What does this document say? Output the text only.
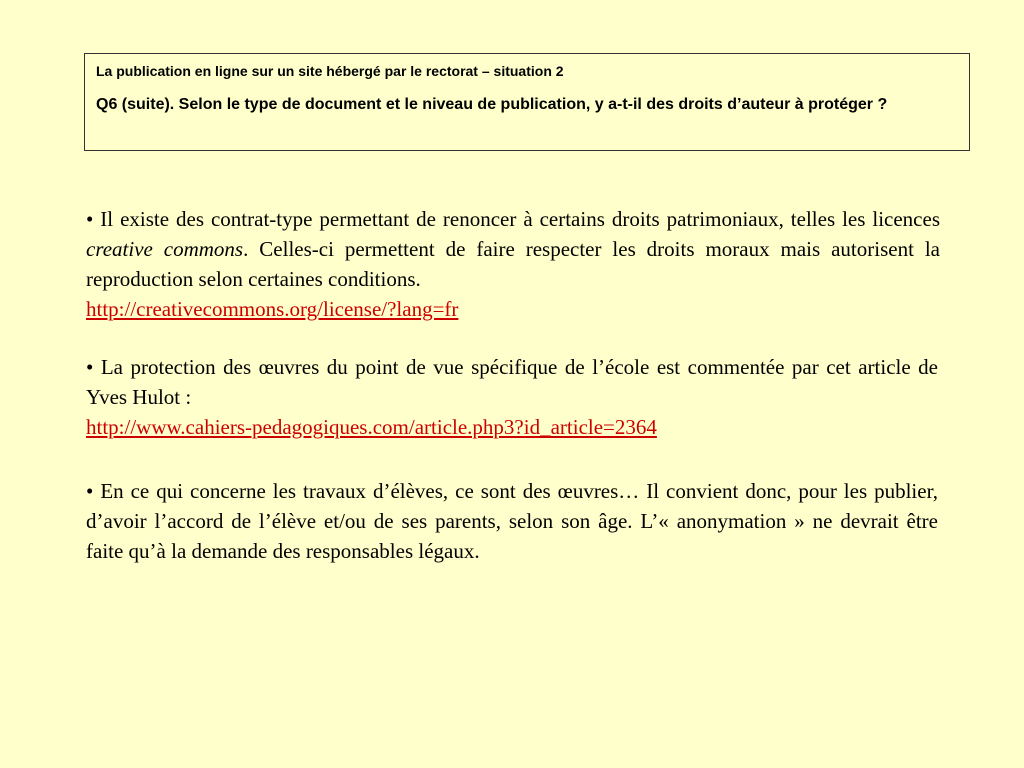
La publication en ligne sur un site hébergé par le rectorat – situation 2

Q6 (suite). Selon le type de document et le niveau de publication, y a-t-il des droits d’auteur à protéger ?

• Il existe des contrat-type permettant de renoncer à certains droits patrimoniaux, telles les licences creative commons. Celles-ci permettent de faire respecter les droits moraux mais autorisent la reproduction selon certaines conditions.
http://creativecommons.org/license/?lang=fr
• La protection des œuvres du point de vue spécifique de l’école est commentée par cet article de Yves Hulot :
http://www.cahiers-pedagogiques.com/article.php3?id_article=2364
• En ce qui concerne les travaux d’élèves, ce sont des œuvres… Il convient donc, pour les publier, d’avoir l’accord de l’élève et/ou de ses parents, selon son âge. L’« anonymation » ne devrait être faite qu’à la demande des responsables légaux.
